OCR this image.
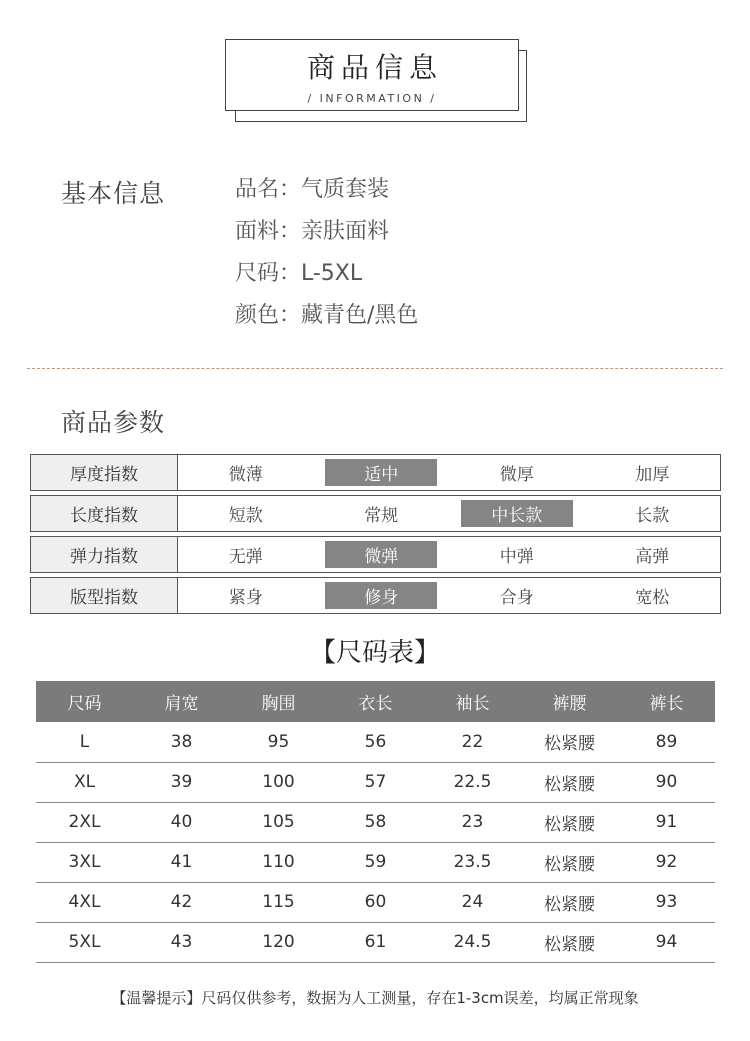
商品信息
/ INFORMATION /
基本信息	品名：气质套装
面料：亲肤面料
尺码：L-5XL
颜色：藏青色/黑色
商品参数
厚度指数	微薄	适中	微厚	加厚
长度指数	短款	常规	中长款	长款
弹力指数	无弹	微弹	中弹	高弹
版型指数	紧身	修身	合身	宽松
【尺码表】
尺码	肩宽	胸围	衣长	袖长	裤腰	裤长
L	38	95	56	22	松紧腰	89
XL	39	100	57	22.5	松紧腰	90
2XL	40	105	58	23	松紧腰	91
3XL	41	110	59	23.5	松紧腰	92
4XL	42	115	60	24	松紧腰	93
5XL	43	120	61	24.5	松紧腰	94
【温馨提示】尺码仅供参考，数据为人工测量，存在1-3cm误差，均属正常现象
